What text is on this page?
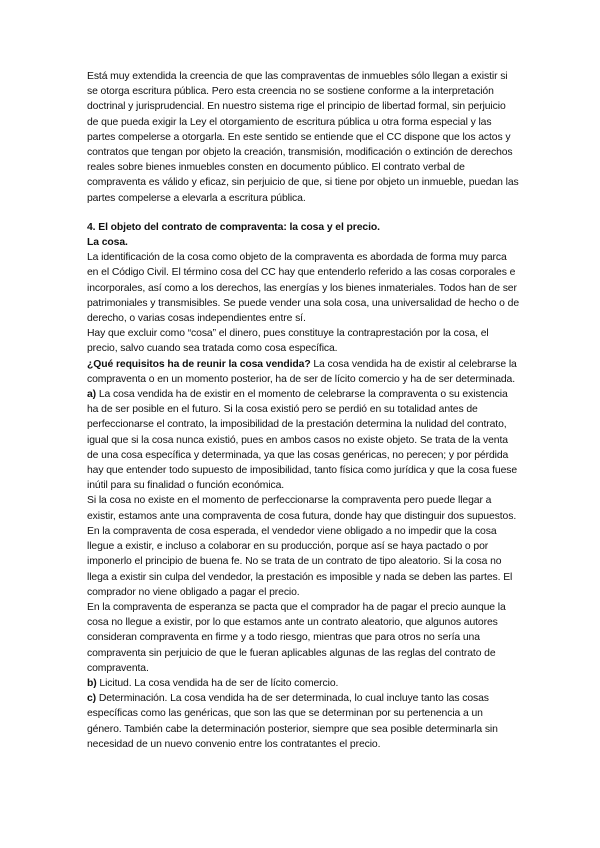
Está muy extendida la creencia de que las compraventas de inmuebles sólo llegan a existir si se otorga escritura pública. Pero esta creencia no se sostiene conforme a la interpretación doctrinal y jurisprudencial. En nuestro sistema rige el principio de libertad formal, sin perjuicio de que pueda exigir la Ley el otorgamiento de escritura pública u otra forma especial y las partes compelerse a otorgarla. En este sentido se entiende que el CC dispone que los actos y contratos que tengan por objeto la creación, transmisión, modificación o extinción de derechos reales sobre bienes inmuebles consten en documento público. El contrato verbal de compraventa es válido y eficaz, sin perjuicio de que, si tiene por objeto un inmueble, puedan las partes compelerse a elevarla a escritura pública.

4. El objeto del contrato de compraventa: la cosa y el precio.

La cosa.

La identificación de la cosa como objeto de la compraventa es abordada de forma muy parca en el Código Civil. El término cosa del CC hay que entenderlo referido a las cosas corporales e incorporales, así como a los derechos, las energías y los bienes inmateriales. Todos han de ser patrimoniales y transmisibles. Se puede vender una sola cosa, una universalidad de hecho o de derecho, o varias cosas independientes entre sí.

Hay que excluir como “cosa” el dinero, pues constituye la contraprestación por la cosa, el precio, salvo cuando sea tratada como cosa específica.

¿Qué requisitos ha de reunir la cosa vendida? La cosa vendida ha de existir al celebrarse la compraventa o en un momento posterior, ha de ser de lícito comercio y ha de ser determinada.

a) La cosa vendida ha de existir en el momento de celebrarse la compraventa o su existencia ha de ser posible en el futuro. Si la cosa existió pero se perdió en su totalidad antes de perfeccionarse el contrato, la imposibilidad de la prestación determina la nulidad del contrato, igual que si la cosa nunca existió, pues en ambos casos no existe objeto. Se trata de la venta de una cosa específica y determinada, ya que las cosas genéricas, no perecen; y por pérdida hay que entender todo supuesto de imposibilidad, tanto física como jurídica y que la cosa fuese inútil para su finalidad o función económica.

Si la cosa no existe en el momento de perfeccionarse la compraventa pero puede llegar a existir, estamos ante una compraventa de cosa futura, donde hay que distinguir dos supuestos.

En la compraventa de cosa esperada, el vendedor viene obligado a no impedir que la cosa llegue a existir, e incluso a colaborar en su producción, porque así se haya pactado o por imponerlo el principio de buena fe. No se trata de un contrato de tipo aleatorio. Si la cosa no llega a existir sin culpa del vendedor, la prestación es imposible y nada se deben las partes. El comprador no viene obligado a pagar el precio.

En la compraventa de esperanza se pacta que el comprador ha de pagar el precio aunque la cosa no llegue a existir, por lo que estamos ante un contrato aleatorio, que algunos autores consideran compraventa en firme y a todo riesgo, mientras que para otros no sería una compraventa sin perjuicio de que le fueran aplicables algunas de las reglas del contrato de compraventa.

b) Licitud. La cosa vendida ha de ser de lícito comercio.

c) Determinación. La cosa vendida ha de ser determinada, lo cual incluye tanto las cosas específicas como las genéricas, que son las que se determinan por su pertenencia a un género. También cabe la determinación posterior, siempre que sea posible determinarla sin necesidad de un nuevo convenio entre los contratantes el precio.
